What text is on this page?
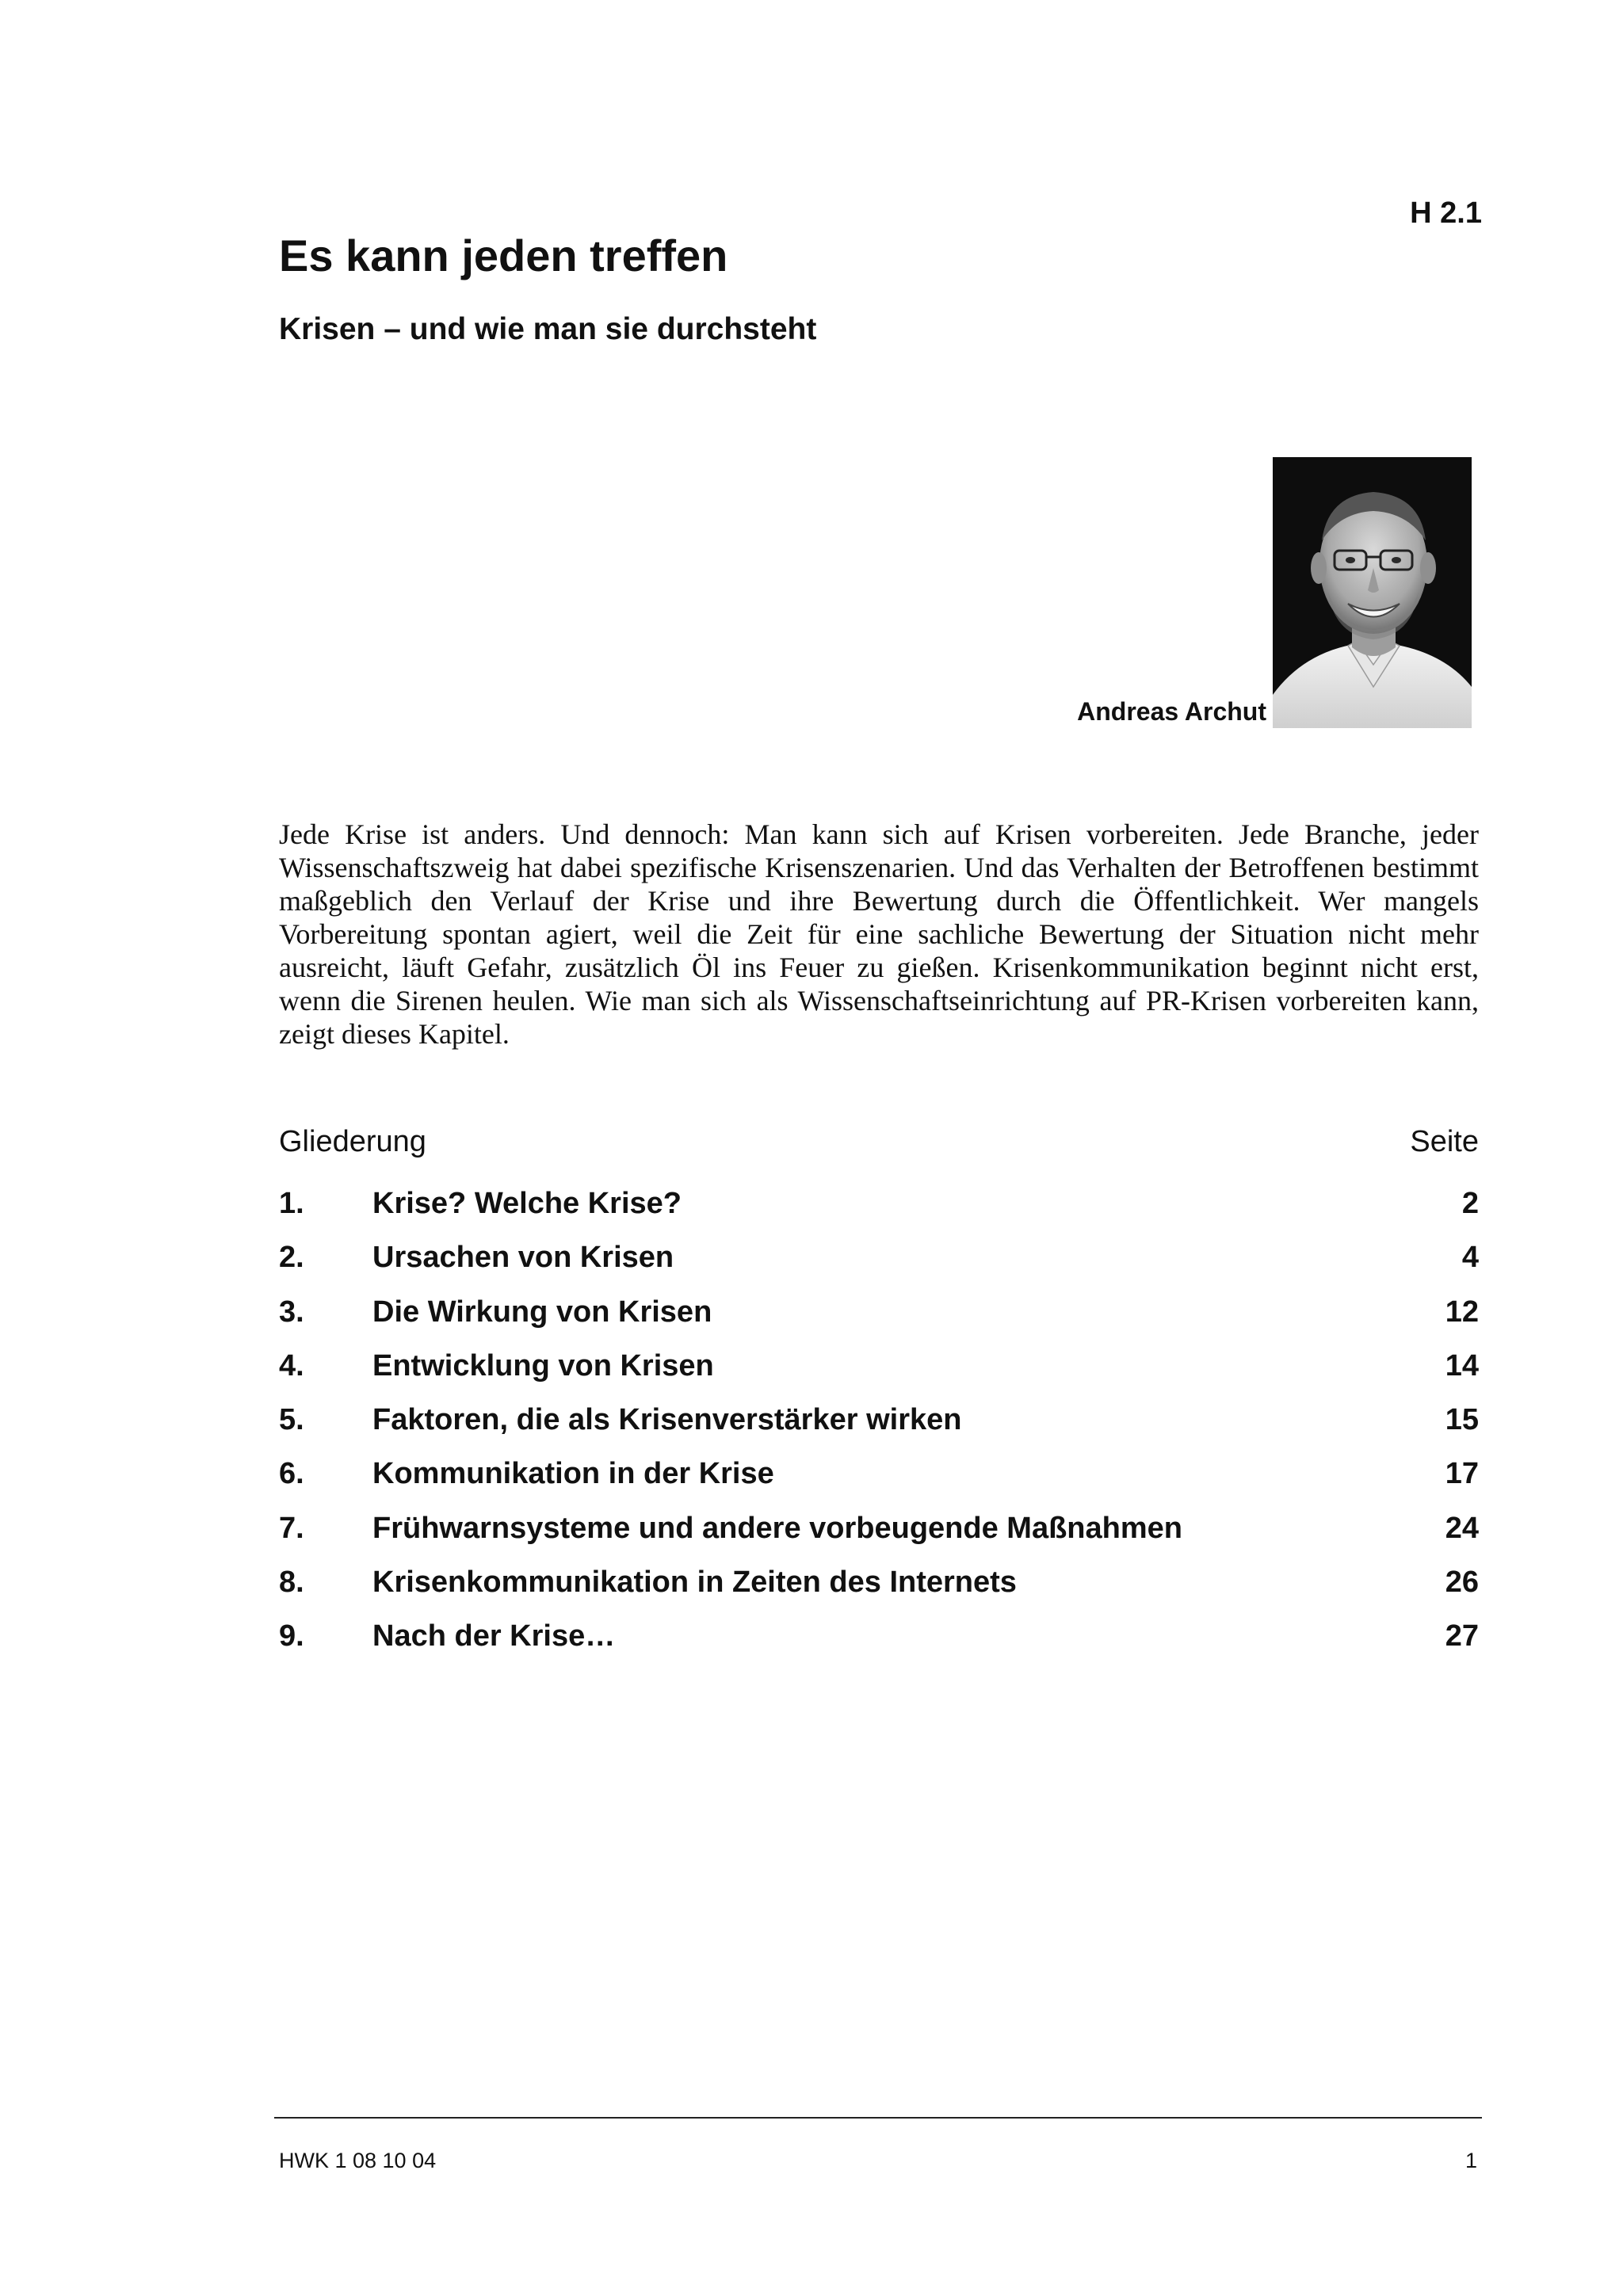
H 2.1
Es kann jeden treffen
Krisen – und wie man sie durchsteht
Andreas Archut

Jede Krise ist anders. Und dennoch: Man kann sich auf Krisen vorbereiten. Jede Branche, jeder Wissenschaftszweig hat dabei spezifische Krisenszenarien. Und das Verhalten der Betroffenen bestimmt maßgeblich den Verlauf der Krise und ihre Bewertung durch die Öffentlichkeit. Wer mangels Vorbereitung spontan agiert, weil die Zeit für eine sachliche Bewertung der Situation nicht mehr ausreicht, läuft Gefahr, zusätzlich Öl ins Feuer zu gießen. Krisenkommunikation beginnt nicht erst, wenn die Sirenen heulen. Wie man sich als Wissenschaftseinrichtung auf PR-Krisen vorbereiten kann, zeigt dieses Kapitel.

Gliederung	Seite
1.	Krise? Welche Krise?	2
2.	Ursachen von Krisen	4
3.	Die Wirkung von Krisen	12
4.	Entwicklung von Krisen	14
5.	Faktoren, die als Krisenverstärker wirken	15
6.	Kommunikation in der Krise	17
7.	Frühwarnsysteme und andere vorbeugende Maßnahmen	24
8.	Krisenkommunikation in Zeiten des Internets	26
9.	Nach der Krise…	27
HWK 1 08 10 04	1
